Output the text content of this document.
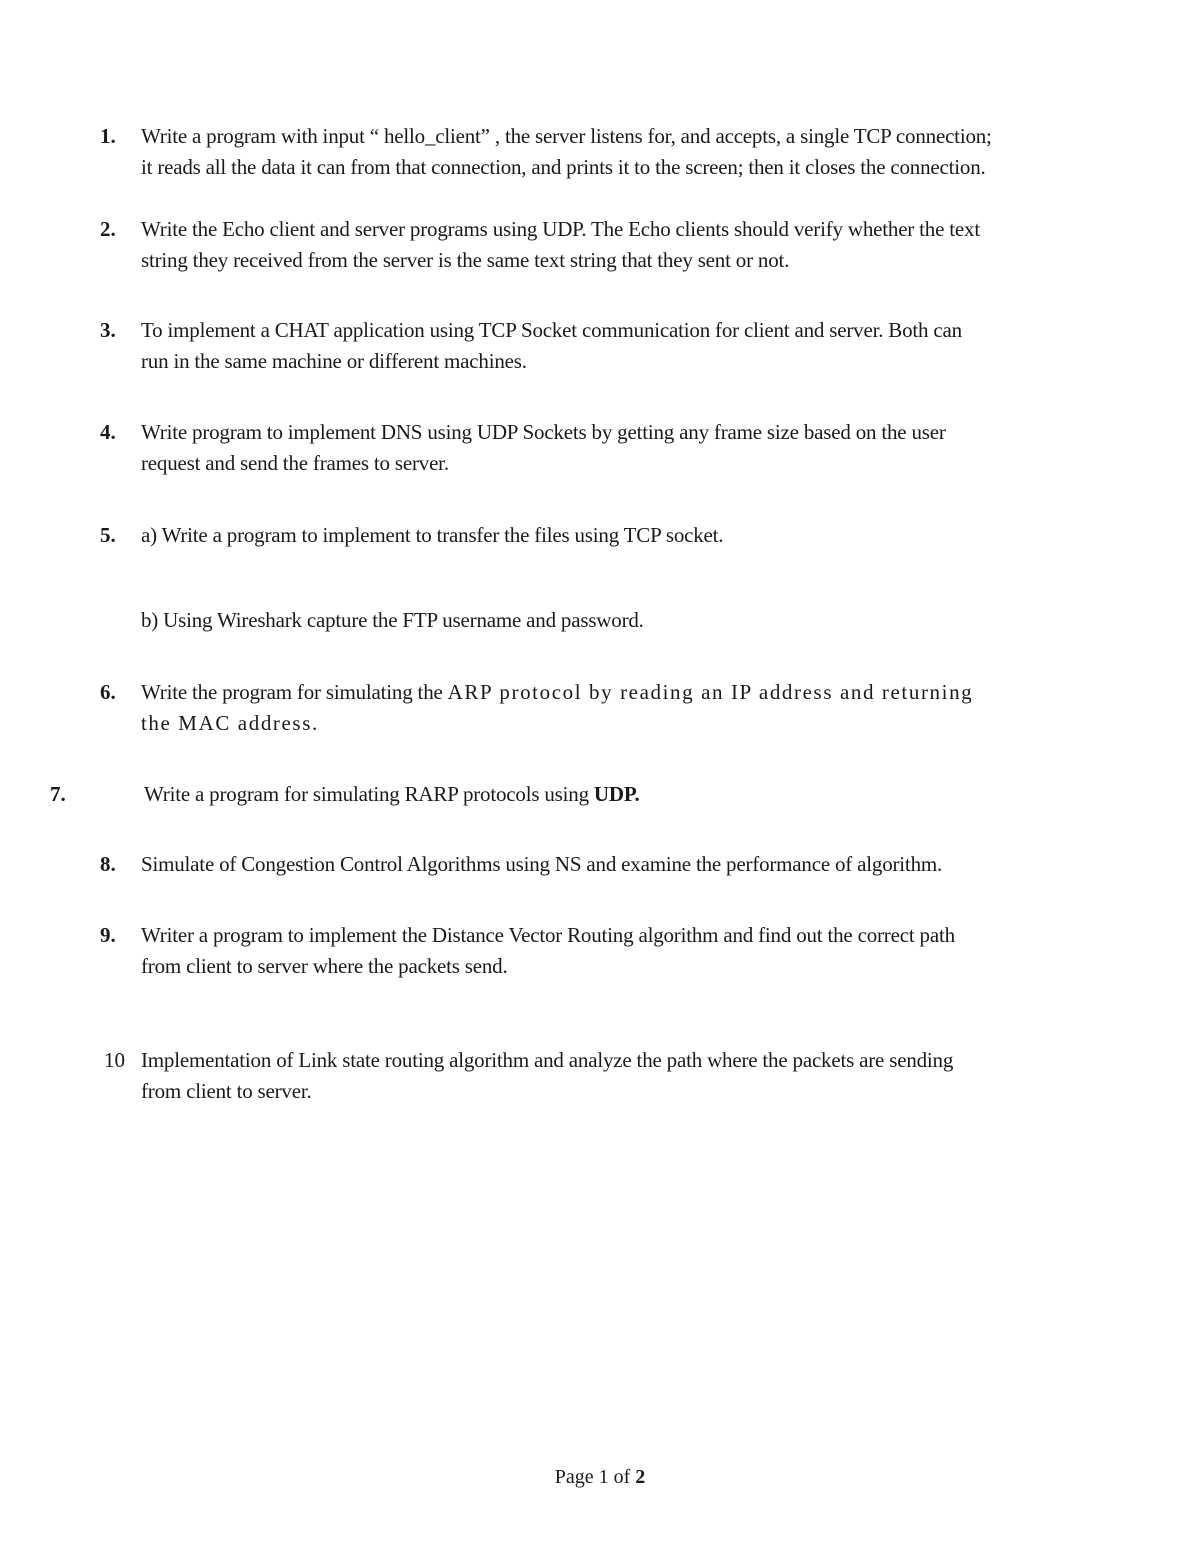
1.	Write a program with input “ hello_client” , the server listens for, and accepts, a single TCP connection;
it reads all the data it can from that connection, and prints it to the screen; then it closes the connection.
2.	Write the Echo client and server programs using UDP. The Echo clients should verify whether the text
string they received from the server is the same text string that they sent or not.
3.	To implement a CHAT application using TCP Socket communication for client and server. Both can
run in the same machine or different machines.
4.	Write program to implement DNS using UDP Sockets by getting any frame size based on the user
request and send the frames to server.
5.	a) Write a program to implement to transfer the files using TCP socket.
b) Using Wireshark capture the FTP username and password.
6.	Write the program for simulating the ARP protocol by reading an IP address and returning
the MAC address.
7.	Write a program for simulating RARP protocols using UDP.
8.	Simulate of Congestion Control Algorithms using NS and examine the performance of algorithm.
9.	Writer a program to implement the Distance Vector Routing algorithm and find out the correct path
from client to server where the packets send.
10 Implementation of Link state routing algorithm and analyze the path where the packets are sending
from client to server.
Page 1 of 2
